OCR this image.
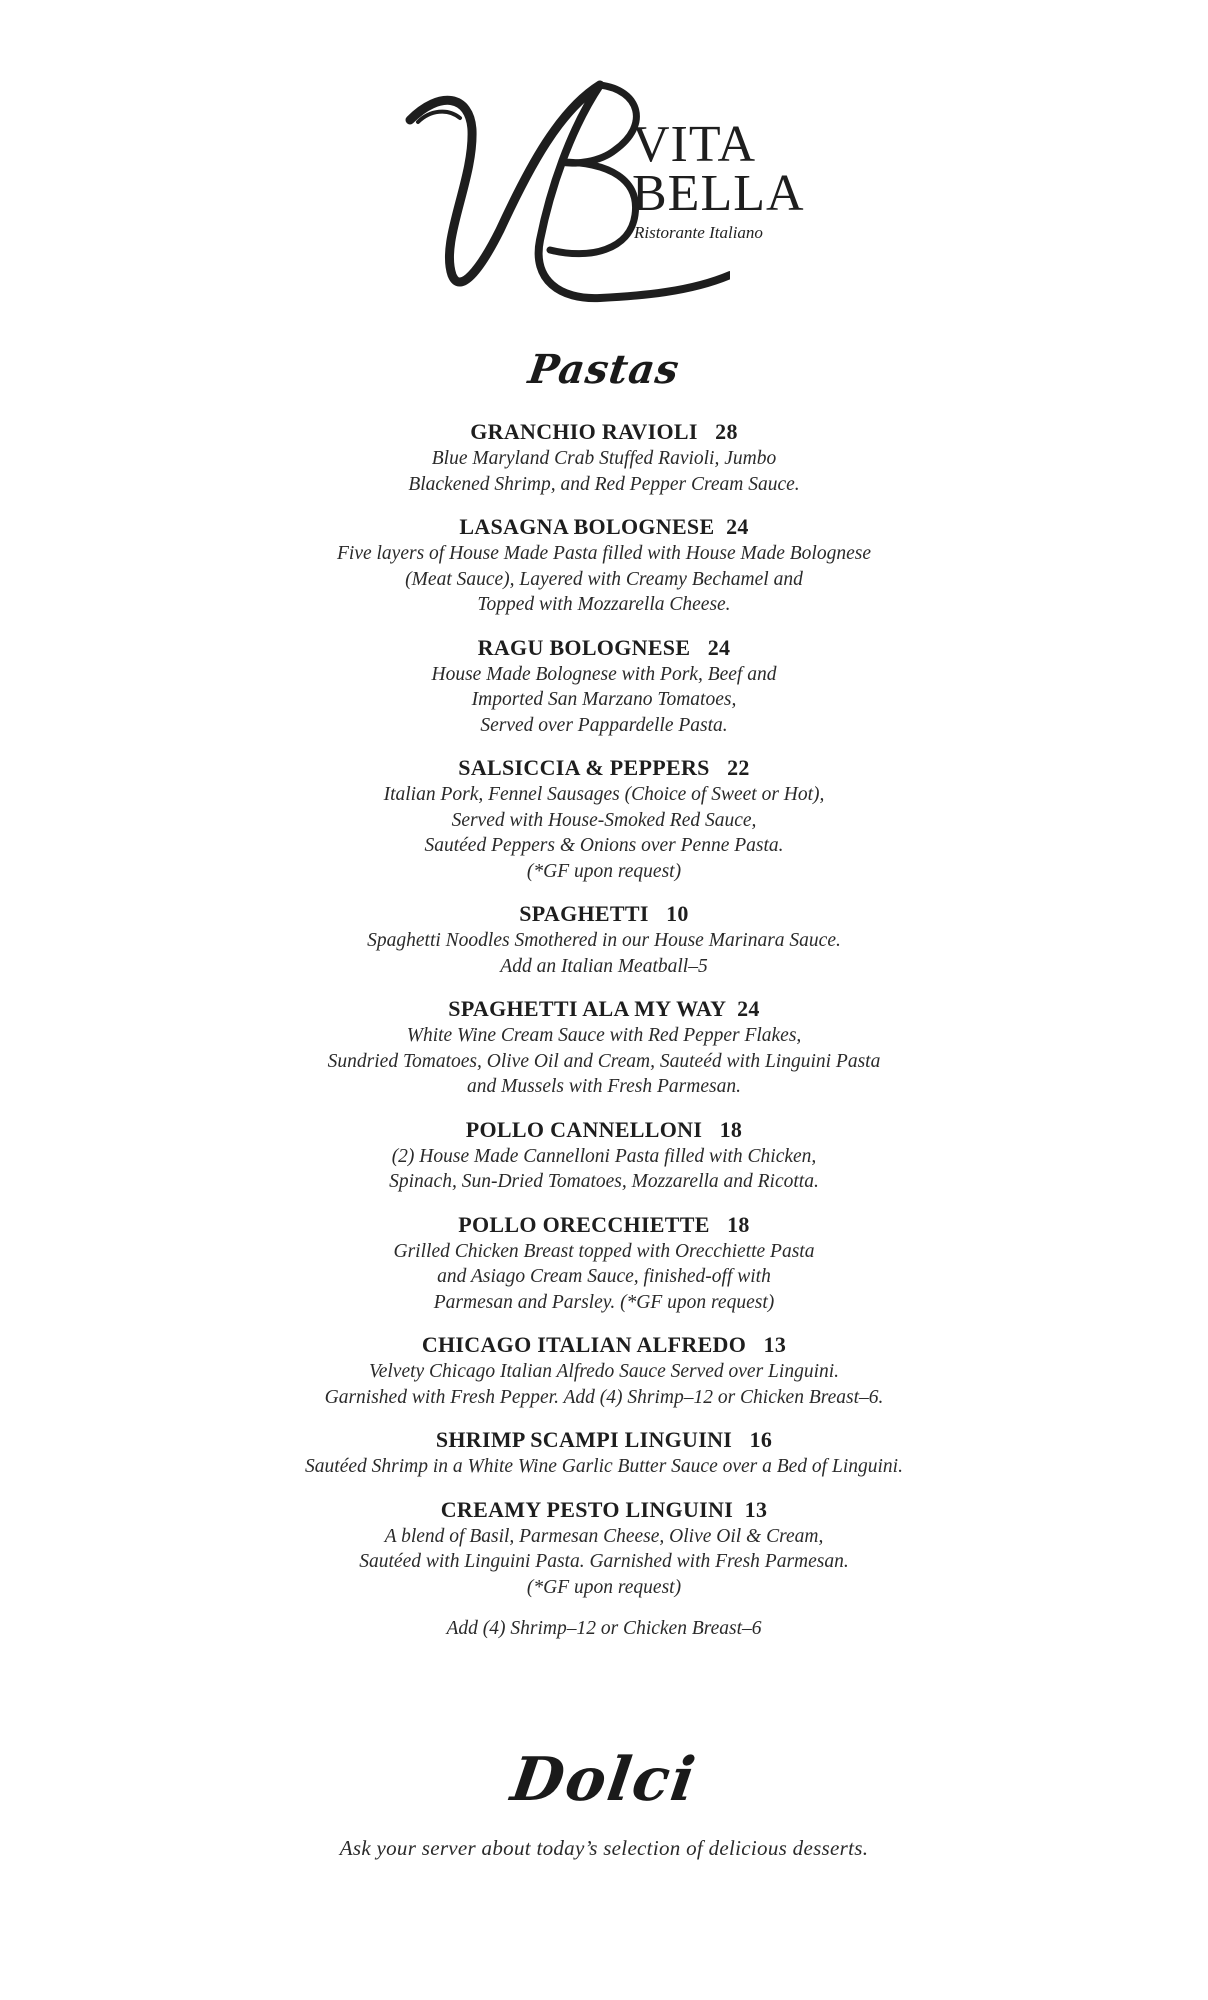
VITA
BELLA
Ristorante Italiano
Pastas
GRANCHIO RAVIOLI 28
Blue Maryland Crab Stuffed Ravioli, Jumbo
Blackened Shrimp, and Red Pepper Cream Sauce.
LASAGNA BOLOGNESE 24
Five layers of House Made Pasta filled with House Made Bolognese
(Meat Sauce), Layered with Creamy Bechamel and
Topped with Mozzarella Cheese.
RAGU BOLOGNESE 24
House Made Bolognese with Pork, Beef and
Imported San Marzano Tomatoes,
Served over Pappardelle Pasta.
SALSICCIA & PEPPERS 22
Italian Pork, Fennel Sausages (Choice of Sweet or Hot),
Served with House-Smoked Red Sauce,
Sautéed Peppers & Onions over Penne Pasta.
(*GF upon request)
SPAGHETTI 10
Spaghetti Noodles Smothered in our House Marinara Sauce.
Add an Italian Meatball–5
SPAGHETTI ALA MY WAY 24
White Wine Cream Sauce with Red Pepper Flakes,
Sundried Tomatoes, Olive Oil and Cream, Sauteéd with Linguini Pasta
and Mussels with Fresh Parmesan.
POLLO CANNELLONI 18
(2) House Made Cannelloni Pasta filled with Chicken,
Spinach, Sun-Dried Tomatoes, Mozzarella and Ricotta.
POLLO ORECCHIETTE 18
Grilled Chicken Breast topped with Orecchiette Pasta
and Asiago Cream Sauce, finished-off with
Parmesan and Parsley. (*GF upon request)
CHICAGO ITALIAN ALFREDO 13
Velvety Chicago Italian Alfredo Sauce Served over Linguini.
Garnished with Fresh Pepper. Add (4) Shrimp–12 or Chicken Breast–6.
SHRIMP SCAMPI LINGUINI 16
Sautéed Shrimp in a White Wine Garlic Butter Sauce over a Bed of Linguini.
CREAMY PESTO LINGUINI 13
A blend of Basil, Parmesan Cheese, Olive Oil & Cream,
Sautéed with Linguini Pasta. Garnished with Fresh Parmesan.
(*GF upon request)
Add (4) Shrimp–12 or Chicken Breast–6
Dolci
Ask your server about today’s selection of delicious desserts.
